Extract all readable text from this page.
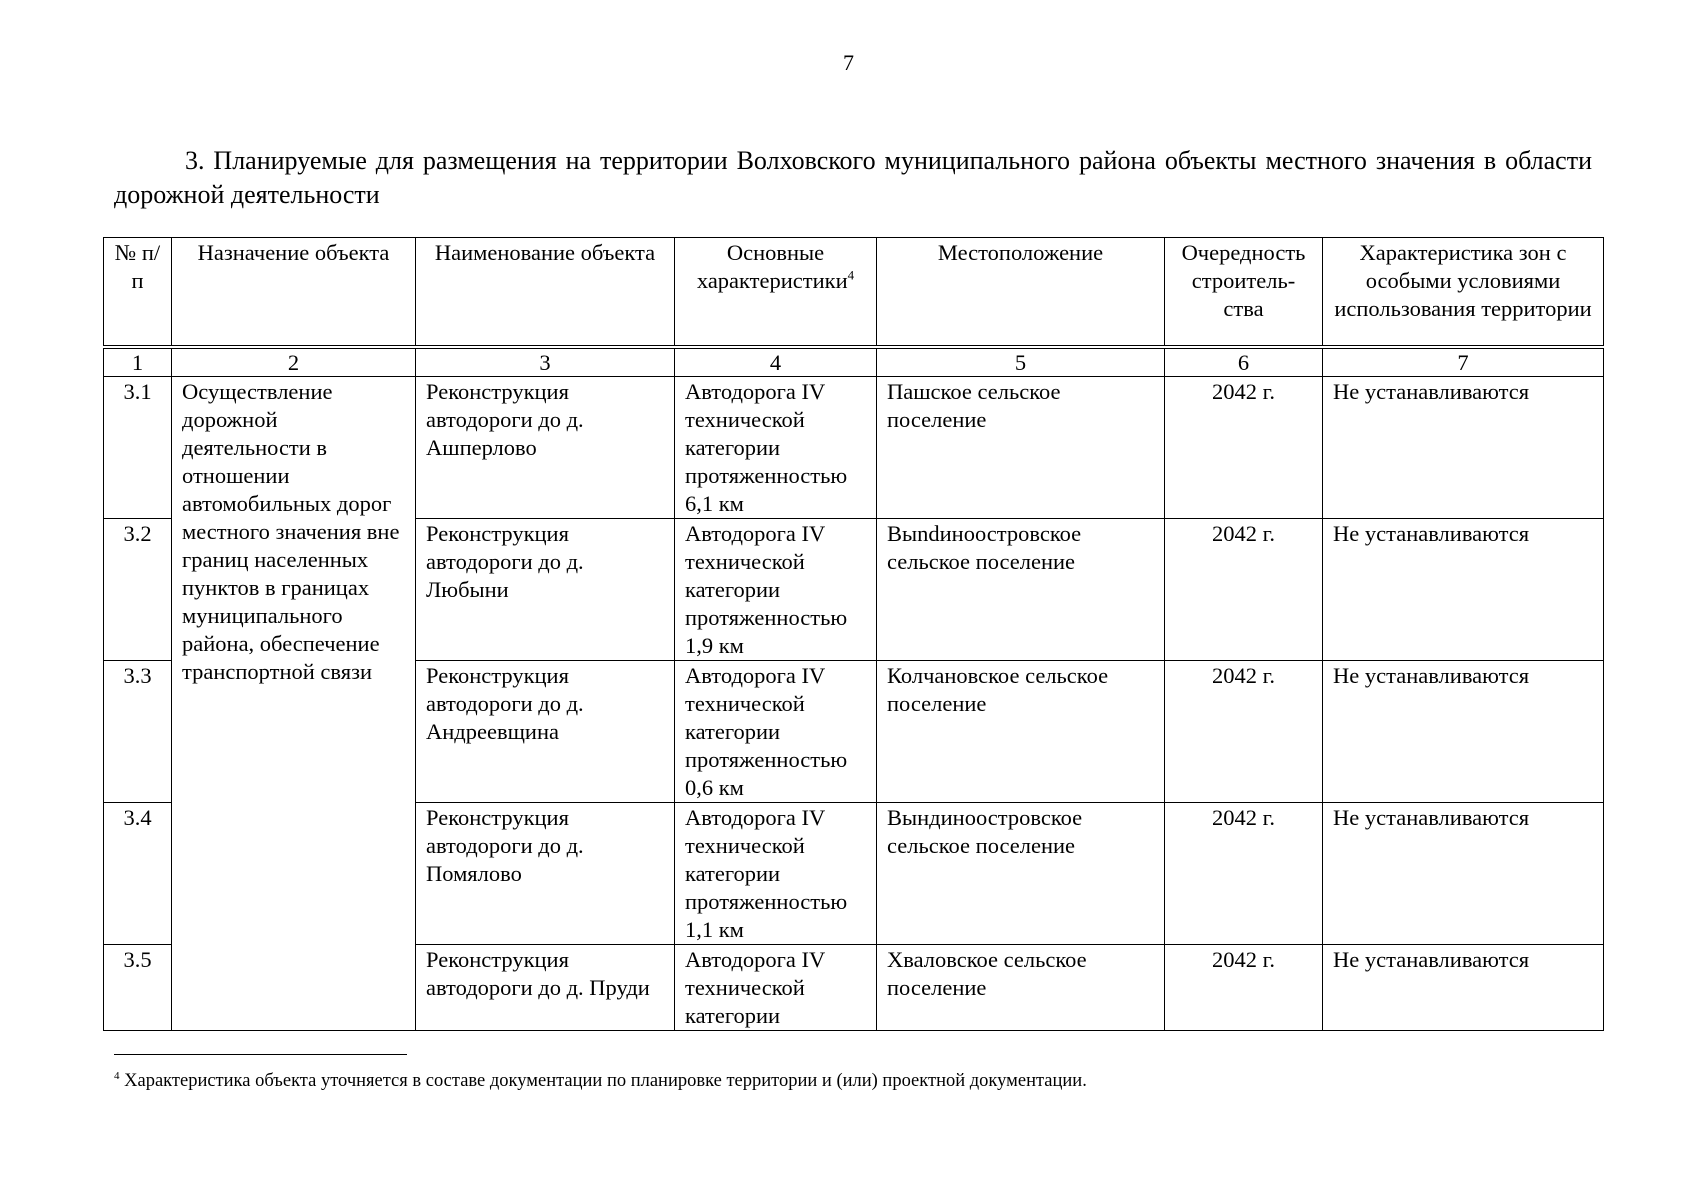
7
3. Планируемые для размещения на территории Волховского муниципального района объекты местного значения в области дорожной деятельности
№ п/п	Назначение объекта	Наименование объекта	Основные характеристики$^4$	Местоположение	Очередность строитель-ства	Характеристика зон с особыми условиями использования территории
1	2	3	4	5	6	7
3.1	Осуществление дорожной деятельности в отношении автомобильных дорог местного значения вне границ населенных пунктов в границах муниципального района, обеспечение транспортной связи	Реконструкция автодороги до д. Ашперлово	Автодорога IV технической категории протяженностью 6,1 км	Пашское сельское поселение	2042 г.	Не устанавливаются
3.2		Реконструкция автодороги до д. Любыни	Автодорога IV технической категории протяженностью 1,9 км	Выndиноостровское сельское поселение	2042 г.	Не устанавливаются
3.3		Реконструкция автодороги до д. Андреевщина	Автодорога IV технической категории протяженностью 0,6 км	Колчановское сельское поселение	2042 г.	Не устанавливаются
3.4		Реконструкция автодороги до д. Помялово	Автодорога IV технической категории протяженностью 1,1 км	Вындиноостровское сельское поселение	2042 г.	Не устанавливаются
3.5		Реконструкция автодороги до д. Пруди	Автодорога IV технической категории	Хваловское сельское поселение	2042 г.	Не устанавливаются
$^4$ Характеристика объекта уточняется в составе документации по планировке территории и (или) проектной документации.
